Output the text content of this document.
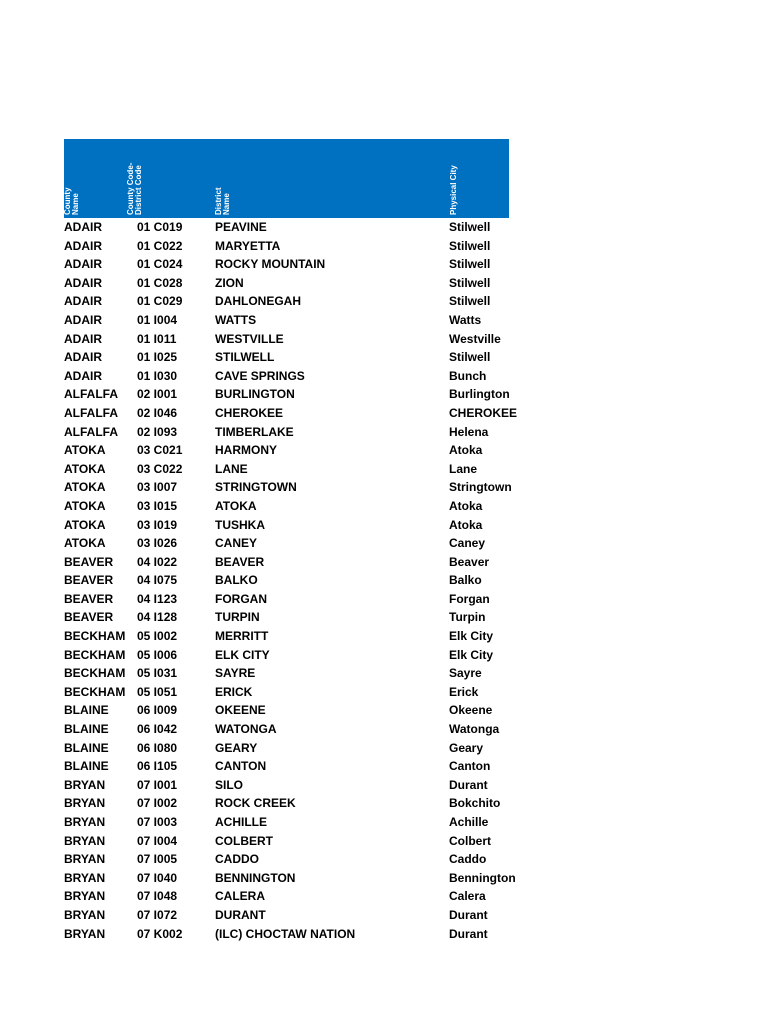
County Name	County Code- District Code	District Name	Physical City
ADAIR	01 C019	PEAVINE	Stilwell
ADAIR	01 C022	MARYETTA	Stilwell
ADAIR	01 C024	ROCKY MOUNTAIN	Stilwell
ADAIR	01 C028	ZION	Stilwell
ADAIR	01 C029	DAHLONEGAH	Stilwell
ADAIR	01 I004	WATTS	Watts
ADAIR	01 I011	WESTVILLE	Westville
ADAIR	01 I025	STILWELL	Stilwell
ADAIR	01 I030	CAVE SPRINGS	Bunch
ALFALFA	02 I001	BURLINGTON	Burlington
ALFALFA	02 I046	CHEROKEE	CHEROKEE
ALFALFA	02 I093	TIMBERLAKE	Helena
ATOKA	03 C021	HARMONY	Atoka
ATOKA	03 C022	LANE	Lane
ATOKA	03 I007	STRINGTOWN	Stringtown
ATOKA	03 I015	ATOKA	Atoka
ATOKA	03 I019	TUSHKA	Atoka
ATOKA	03 I026	CANEY	Caney
BEAVER	04 I022	BEAVER	Beaver
BEAVER	04 I075	BALKO	Balko
BEAVER	04 I123	FORGAN	Forgan
BEAVER	04 I128	TURPIN	Turpin
BECKHAM 05 I002	MERRITT	Elk City
BECKHAM 05 I006	ELK CITY	Elk City
BECKHAM 05 I031	SAYRE	Sayre
BECKHAM 05 I051	ERICK	Erick
BLAINE	06 I009	OKEENE	Okeene
BLAINE	06 I042	WATONGA	Watonga
BLAINE	06 I080	GEARY	Geary
BLAINE	06 I105	CANTON	Canton
BRYAN	07 I001	SILO	Durant
BRYAN	07 I002	ROCK CREEK	Bokchito
BRYAN	07 I003	ACHILLE	Achille
BRYAN	07 I004	COLBERT	Colbert
BRYAN	07 I005	CADDO	Caddo
BRYAN	07 I040	BENNINGTON	Bennington
BRYAN	07 I048	CALERA	Calera
BRYAN	07 I072	DURANT	Durant
BRYAN	07 K002	(ILC) CHOCTAW NATION	Durant
